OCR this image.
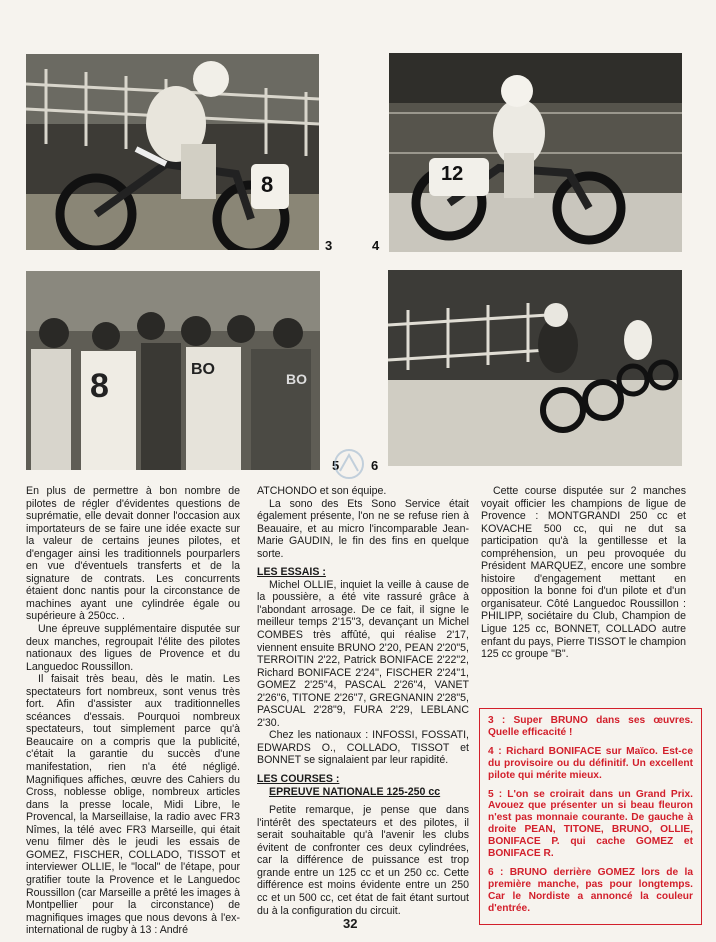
8
3	4
12
8	BO
BO
5 6

En plus de permettre à bon nombre de pilotes de régler d'évidentes questions de suprématie, elle devait donner l'occasion aux importateurs de se faire une idée exacte sur la valeur de certains jeunes pilotes, et d'engager ainsi les traditionnels pourparlers en vue d'éventuels transferts et de la signature de contrats. Les concurrents étaient donc nantis pour la circonstance de machines ayant une cylindrée égale ou supérieure à 250cc. .

Une épreuve supplémentaire disputée sur deux manches, regroupait l'élite des pilotes nationaux des ligues de Provence et du Languedoc Roussillon.

Il faisait très beau, dès le matin. Les spectateurs fort nombreux, sont venus très fort. Afin d'assister aux traditionnelles scéances d'essais. Pourquoi nombreux spectateurs, tout simplement parce qu'à Beaucaire on a compris que la publicité, c'était la garantie du succès d'une manifestation, rien n'a été négligé. Magnifiques affiches, œuvre des Cahiers du Cross, noblesse oblige, nombreux articles dans la presse locale, Midi Libre, le Provencal, la Marseillaise, la radio avec FR3 Nîmes, la télé avec FR3 Marseille, qui était venu filmer dès le jeudi les essais de GOMEZ, FISCHER, COLLADO, TISSOT et interviewer OLLIE, le "local" de l'étape, pour gratifier toute la Provence et le Languedoc Roussillon (car Marseille a prêté les images à Montpellier pour la circonstance) de magnifiques images que nous devons à l'ex-international de rugby à 13 : André

ATCHONDO et son équipe.

La sono des Ets Sono Service était également présente, l'on ne se refuse rien à Beauaire, et au micro l'incomparable Jean-Marie GAUDIN, le fin des fins en quelque sorte.

LES ESSAIS :

Michel OLLIE, inquiet la veille à cause de la poussière, a été vite rassuré grâce à l'abondant arrosage. De ce fait, il signe le meilleur temps 2'15"3, devançant un Michel COMBES très affûté, qui réalise 2'17, viennent ensuite BRUNO 2'20, PEAN 2'20"5, TERROITIN 2'22, Patrick BONIFACE 2'22"2, Richard BONIFACE 2'24'', FISCHER 2'24"1, GOMEZ 2'25"4, PASCAL 2'26"4, VANET 2'26"6, TITONE 2'26"7, GREGNANIN 2'28"5, PASCUAL 2'28"9, FURA 2'29, LEBLANC 2'30.

Chez les nationaux : INFOSSI, FOSSATI, EDWARDS O., COLLADO, TISSOT et BONNET se signalaient par leur rapidité.

LES COURSES :
EPREUVE NATIONALE 125-250 cc

Petite remarque, je pense que dans l'intérêt des spectateurs et des pilotes, il serait souhaitable qu'à l'avenir les clubs évitent de confronter ces deux cylindrées, car la différence de puissance est trop grande entre un 125 cc et un 250 cc. Cette différence est moins évidente entre un 250 cc et un 500 cc, cet état de fait étant surtout du à la configuration du circuit.

Cette course disputée sur 2 manches voyait officier les champions de ligue de Provence : MONTGRANDI 250 cc et KOVACHE 500 cc, qui ne dut sa participation qu'à la gentillesse et la compréhension, un peu provoquée du Président MARQUEZ, encore une sombre histoire d'engagement mettant en opposition la bonne foi d'un pilote et d'un organisateur. Côté Languedoc Roussillon : PHILIPP, sociétaire du Club, Champion de Ligue 125 cc, BONNET, COLLADO autre enfant du pays, Pierre TISSOT le champion 125 cc groupe "B".

3 : Super BRUNO dans ses œuvres. Quelle efficacité !

4 : Richard BONIFACE sur Maïco. Est-ce du provisoire ou du définitif. Un excellent pilote qui mérite mieux.

5 : L'on se croirait dans un Grand Prix. Avouez que présenter un si beau fleuron n'est pas monnaie courante. De gauche à droite PEAN, TITONE, BRUNO, OLLIE, BONIFACE P. qui cache GOMEZ et BONIFACE R.

6 : BRUNO derrière GOMEZ lors de la première manche, pas pour longtemps. Car le Nordiste a annoncé la couleur d'entrée.

32
